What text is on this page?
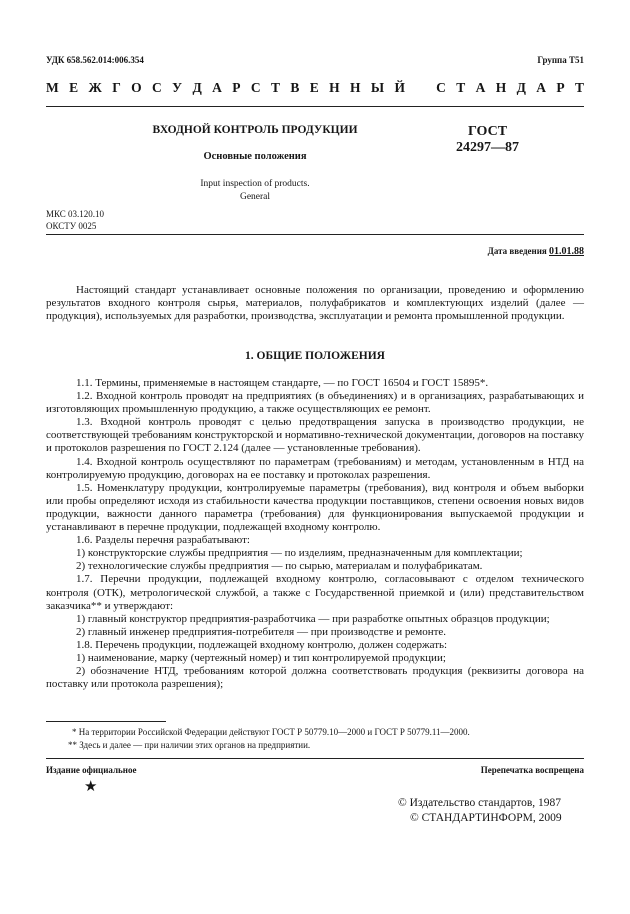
УДК 658.562.014:006.354	Группа Т51
М Е Ж Г О С У Д А Р С Т В Е Н Н Ы Й   С Т А Н Д А Р Т
ВХОДНОЙ КОНТРОЛЬ ПРОДУКЦИИ
Основные положения
Input inspection of products.
General
ГОСТ
24297—87
МКС 03.120.10
ОКСТУ 0025
Дата введения 01.01.88

Настоящий стандарт устанавливает основные положения по организации, проведению и оформлению результатов входного контроля сырья, материалов, полуфабрикатов и комплектующих изделий (далее — продукция), используемых для разработки, производства, эксплуатации и ремонта промышленной продукции.

1. ОБЩИЕ ПОЛОЖЕНИЯ

1.1. Термины, применяемые в настоящем стандарте, — по ГОСТ 16504 и ГОСТ 15895*.

1.2. Входной контроль проводят на предприятиях (в объединениях) и в организациях, разрабатывающих и изготовляющих промышленную продукцию, а также осуществляющих ее ремонт.

1.3. Входной контроль проводят с целью предотвращения запуска в производство продукции, не соответствующей требованиям конструкторской и нормативно-технической документации, договоров на поставку и протоколов разрешения по ГОСТ 2.124 (далее — установленные требования).

1.4. Входной контроль осуществляют по параметрам (требованиям) и методам, установленным в НТД на контролируемую продукцию, договорах на ее поставку и протоколах разрешения.

1.5. Номенклатуру продукции, контролируемые параметры (требования), вид контроля и объем выборки или пробы определяют исходя из стабильности качества продукции поставщиков, степени освоения новых видов продукции, важности данного параметра (требования) для функционирования выпускаемой продукции и устанавливают в перечне продукции, подлежащей входному контролю.

1.6. Разделы перечня разрабатывают:

1) конструкторские службы предприятия — по изделиям, предназначенным для комплектации;

2) технологические службы предприятия — по сырью, материалам и полуфабрикатам.

1.7. Перечни продукции, подлежащей входному контролю, согласовывают с отделом технического контроля (ОТК), метрологической службой, а также с Государственной приемкой и (или) представительством заказчика** и утверждают:

1) главный конструктор предприятия-разработчика — при разработке опытных образцов продукции;

2) главный инженер предприятия-потребителя — при производстве и ремонте.

1.8. Перечень продукции, подлежащей входному контролю, должен содержать:

1) наименование, марку (чертежный номер) и тип контролируемой продукции;

2) обозначение НТД, требованиям которой должна соответствовать продукция (реквизиты договора на поставку или протокола разрешения);

* На территории Российской Федерации действуют ГОСТ Р 50779.10—2000 и ГОСТ Р 50779.11—2000.
** Здесь и далее — при наличии этих органов на предприятии.
Издание официальное	Перепечатка воспрещена
★
© Издательство стандартов, 1987
© СТАНДАРТИНФОРМ, 2009
